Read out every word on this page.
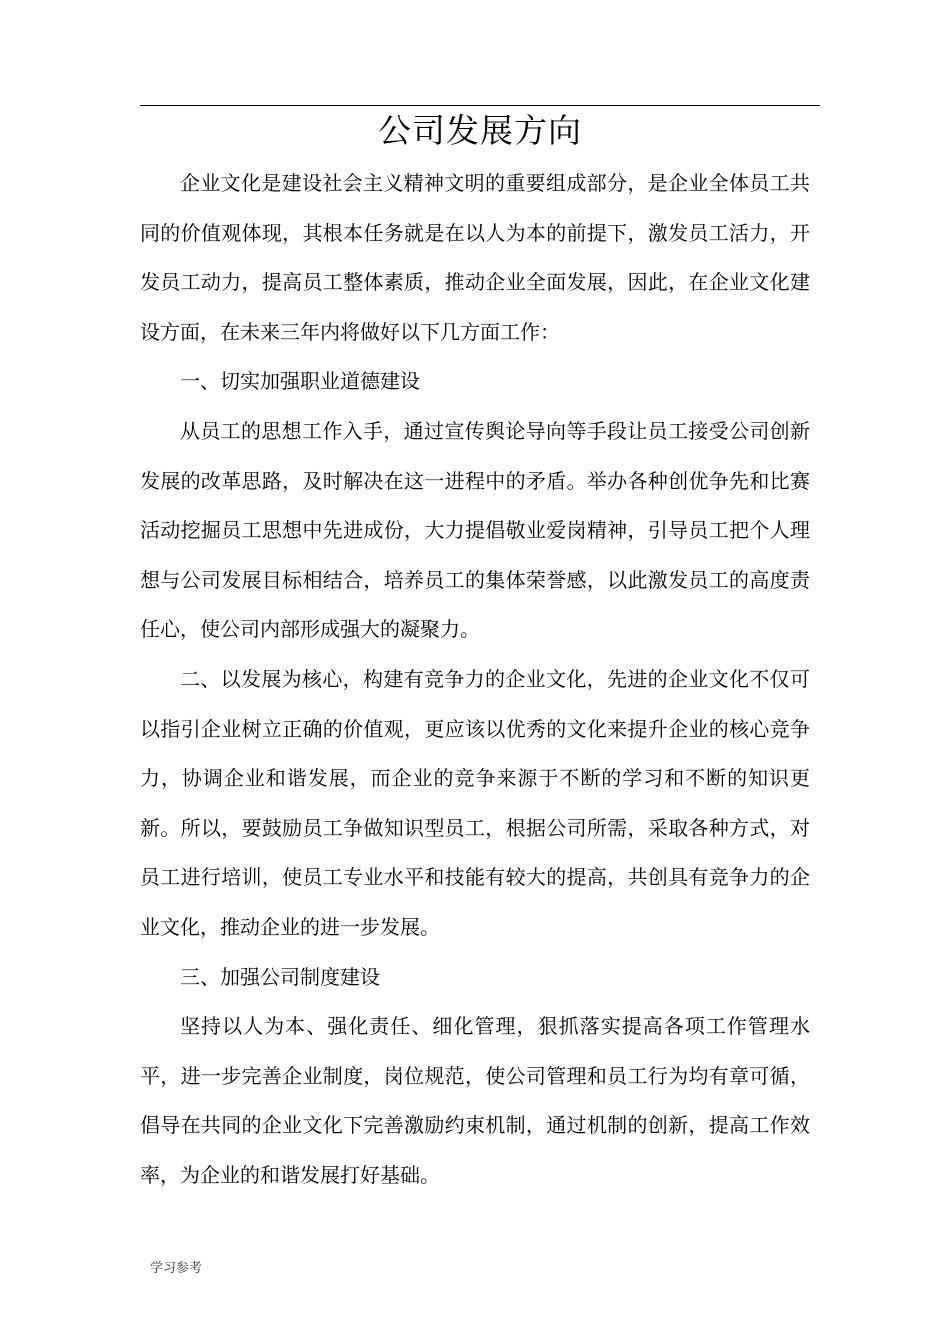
公司发展方向

企业文化是建设社会主义精神文明的重要组成部分，是企业全体员工共同的价值观体现，其根本任务就是在以人为本的前提下，激发员工活力，开发员工动力，提高员工整体素质，推动企业全面发展，因此，在企业文化建设方面，在未来三年内将做好以下几方面工作：

一、切实加强职业道德建设

从员工的思想工作入手，通过宣传舆论导向等手段让员工接受公司创新发展的改革思路，及时解决在这一进程中的矛盾。举办各种创优争先和比赛活动挖掘员工思想中先进成份，大力提倡敬业爱岗精神，引导员工把个人理想与公司发展目标相结合，培养员工的集体荣誉感，以此激发员工的高度责任心，使公司内部形成强大的凝聚力。

二、以发展为核心，构建有竞争力的企业文化，先进的企业文化不仅可以指引企业树立正确的价值观，更应该以优秀的文化来提升企业的核心竞争力，协调企业和谐发展，而企业的竞争来源于不断的学习和不断的知识更新。所以，要鼓励员工争做知识型员工，根据公司所需，采取各种方式，对员工进行培训，使员工专业水平和技能有较大的提高，共创具有竞争力的企业文化，推动企业的进一步发展。

三、加强公司制度建设

坚持以人为本、强化责任、细化管理，狠抓落实提高各项工作管理水平，进一步完善企业制度，岗位规范，使公司管理和员工行为均有章可循，倡导在共同的企业文化下完善激励约束机制，通过机制的创新，提高工作效率，为企业的和谐发展打好基础。

学习参考
